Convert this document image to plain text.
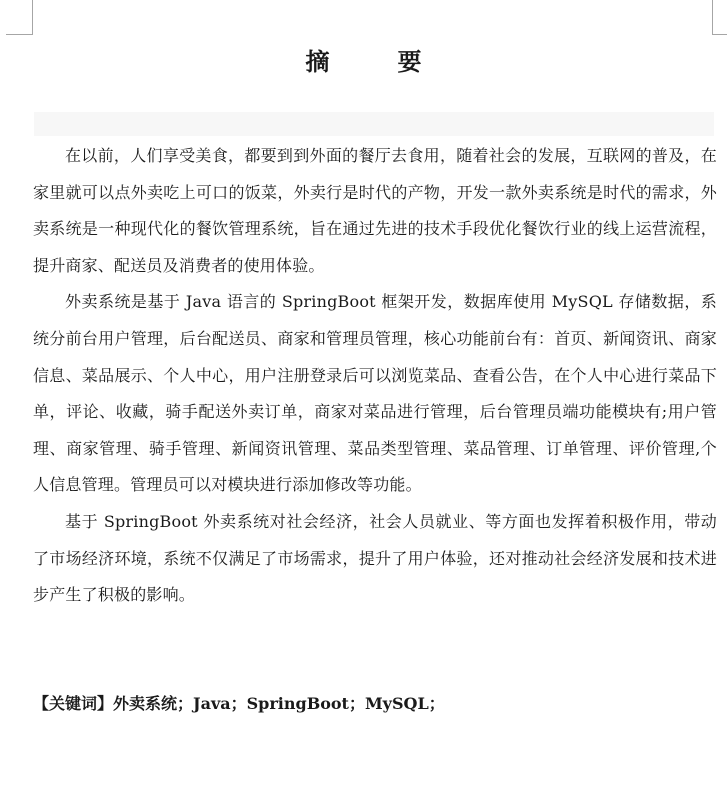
摘　要

在以前，人们享受美食，都要到到外面的餐厅去食用，随着社会的发展，互联网的普及，在家里就可以点外卖吃上可口的饭菜，外卖行是时代的产物，开发一款外卖系统是时代的需求，外卖系统是一种现代化的餐饮管理系统，旨在通过先进的技术手段优化餐饮行业的线上运营流程，提升商家、配送员及消费者的使用体验。

外卖系统是基于 Java 语言的 SpringBoot 框架开发，数据库使用 MySQL 存储数据，系统分前台用户管理，后台配送员、商家和管理员管理，核心功能前台有：首页、新闻资讯、商家信息、菜品展示、个人中心，用户注册登录后可以浏览菜品、查看公告，在个人中心进行菜品下单，评论、收藏，骑手配送外卖订单，商家对菜品进行管理，后台管理员端功能模块有;用户管理、商家管理、骑手管理、新闻资讯管理、菜品类型管理、菜品管理、订单管理、评价管理,个人信息管理。管理员可以对模块进行添加修改等功能。

基于 SpringBoot 外卖系统对社会经济，社会人员就业、等方面也发挥着积极作用，带动了市场经济环境，系统不仅满足了市场需求，提升了用户体验，还对推动社会经济发展和技术进步产生了积极的影响。

【关键词】外卖系统；Java；SpringBoot；MySQL；
